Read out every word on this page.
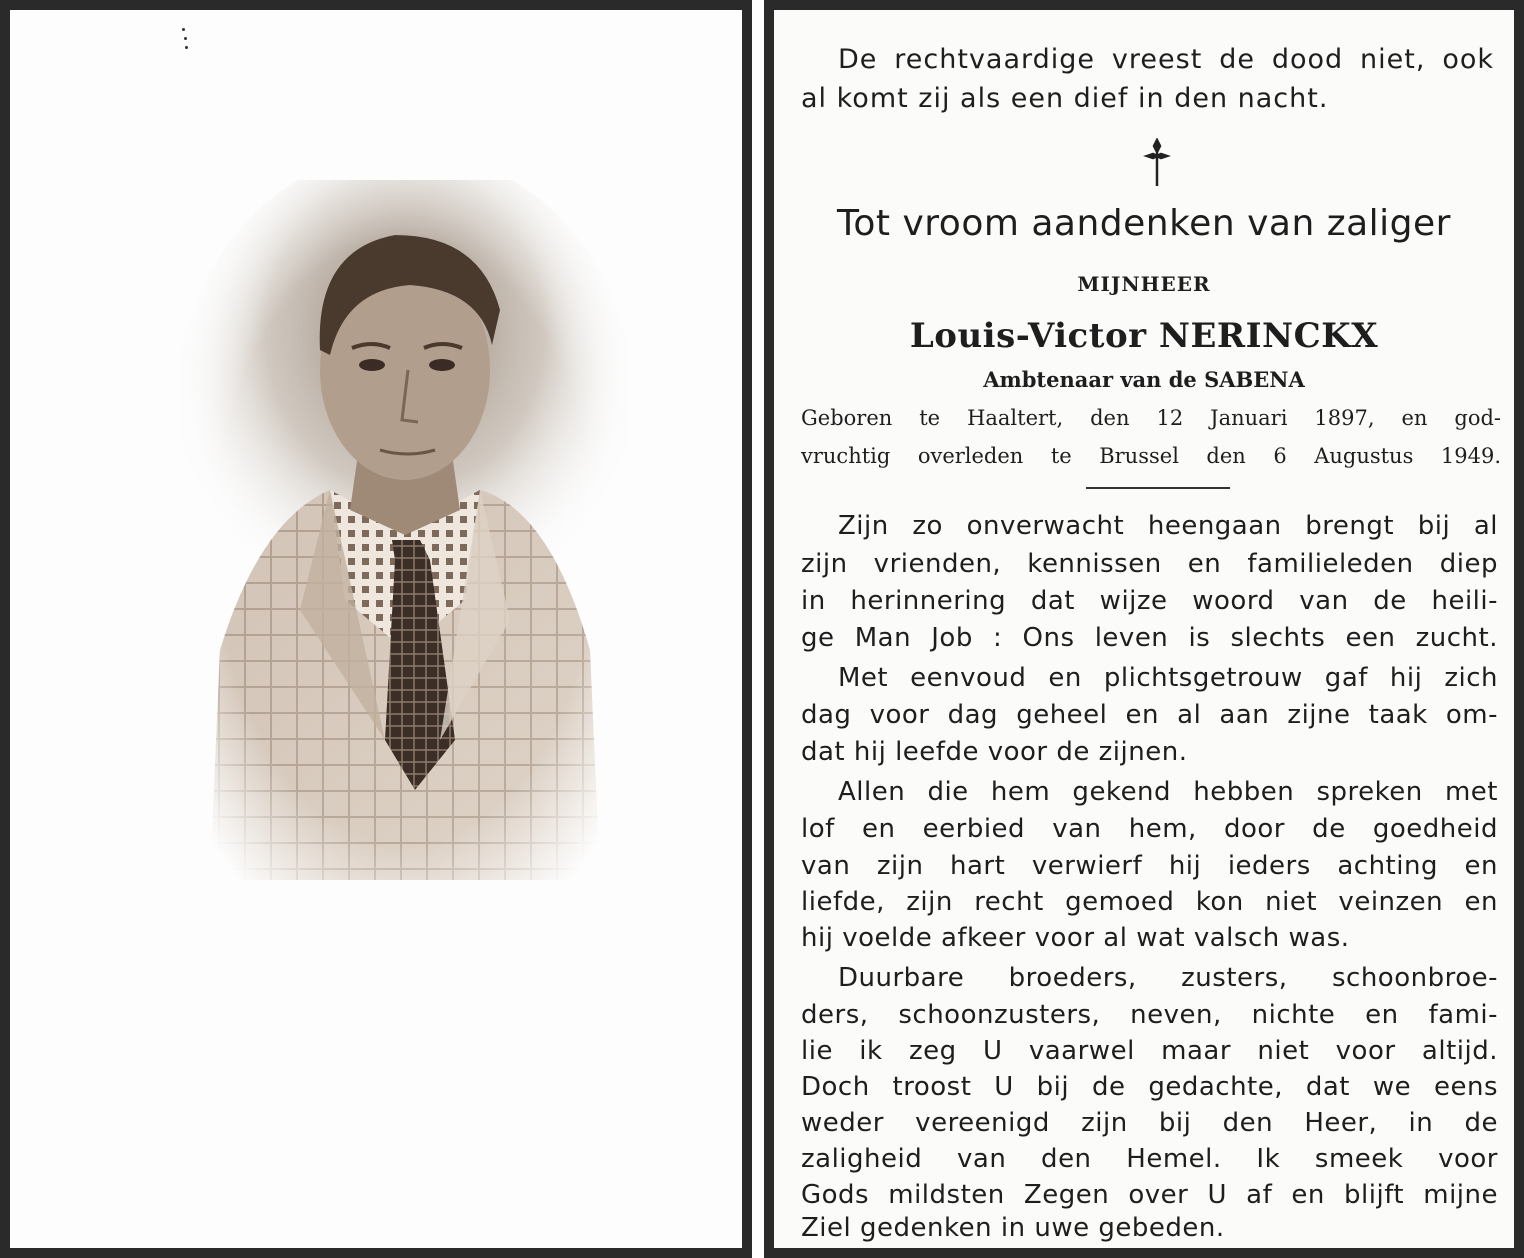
De rechtvaardige vreest de dood niet, ook
al komt zij als een dief in den nacht.
Tot vroom aandenken van zaliger
MIJNHEER
Louis-Victor NERINCKX
Ambtenaar van de SABENA
Geboren te Haaltert, den 12 Januari 1897, en god-
vruchtig overleden te Brussel den 6 Augustus 1949.
Zijn zo onverwacht heengaan brengt bij al
zijn vrienden, kennissen en familieleden diep
in herinnering dat wijze woord van de heili-
ge Man Job : Ons leven is slechts een zucht.
Met eenvoud en plichtsgetrouw gaf hij zich
dag voor dag geheel en al aan zijne taak om-
dat hij leefde voor de zijnen.
Allen die hem gekend hebben spreken met
lof en eerbied van hem, door de goedheid
van zijn hart verwierf hij ieders achting en
liefde, zijn recht gemoed kon niet veinzen en
hij voelde afkeer voor al wat valsch was.
Duurbare broeders, zusters, schoonbroe-
ders, schoonzusters, neven, nichte en fami-
lie ik zeg U vaarwel maar niet voor altijd.
Doch troost U bij de gedachte, dat we eens
weder vereenigd zijn bij den Heer, in de
zaligheid van den Hemel. Ik smeek voor
Gods mildsten Zegen over U af en blijft mijne
Ziel gedenken in uwe gebeden.
